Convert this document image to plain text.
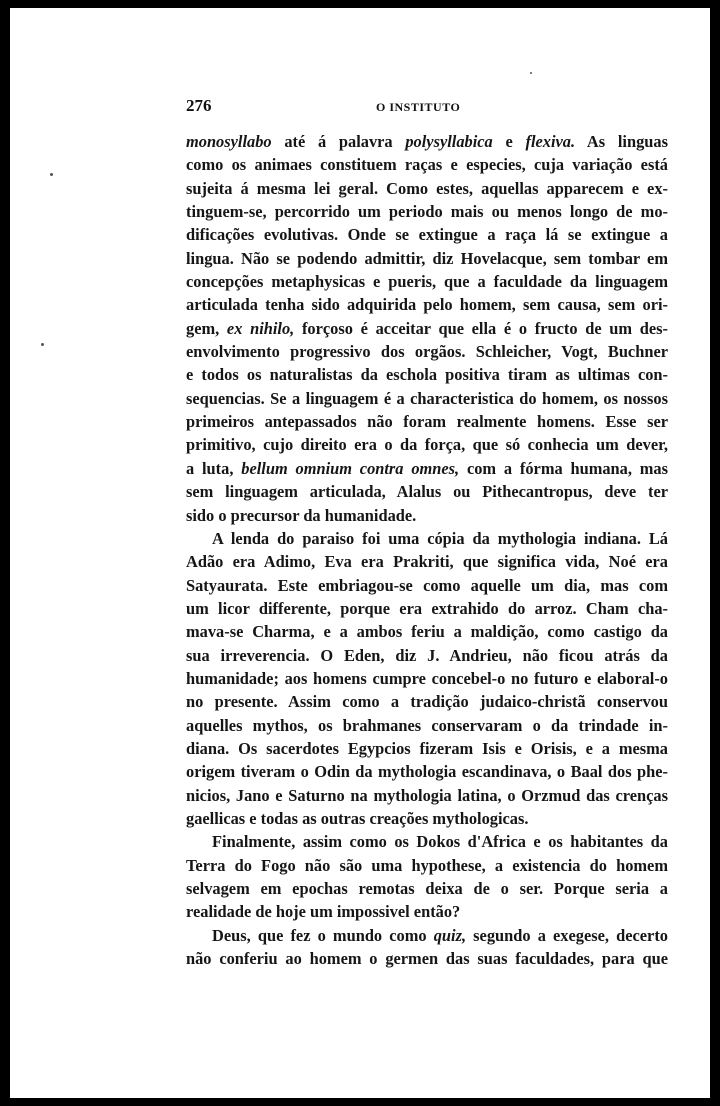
276	O INSTITUTO
monosyllabo até á palavra polysyllabica e flexiva. As linguas
como os animaes constituem raças e especies, cuja variação está
sujeita á mesma lei geral. Como estes, aquellas apparecem e ex-
tinguem-se, percorrido um periodo mais ou menos longo de mo-
dificações evolutivas. Onde se extingue a raça lá se extingue a
lingua. Não se podendo admittir, diz Hovelacque, sem tombar em
concepções metaphysicas e pueris, que a faculdade da linguagem
articulada tenha sido adquirida pelo homem, sem causa, sem ori-
gem, ex nihilo, forçoso é acceitar que ella é o fructo de um des-
envolvimento progressivo dos orgãos. Schleicher, Vogt, Buchner
e todos os naturalistas da eschola positiva tiram as ultimas con-
sequencias. Se a linguagem é a characteristica do homem, os nossos
primeiros antepassados não foram realmente homens. Esse ser
primitivo, cujo direito era o da força, que só conhecia um dever,
a luta, bellum omnium contra omnes, com a fórma humana, mas
sem linguagem articulada, Alalus ou Pithecantropus, deve ter
sido o precursor da humanidade.
A lenda do paraiso foi uma cópia da mythologia indiana. Lá
Adão era Adimo, Eva era Prakriti, que significa vida, Noé era
Satyaurata. Este embriagou-se como aquelle um dia, mas com
um licor differente, porque era extrahido do arroz. Cham cha-
mava-se Charma, e a ambos feriu a maldição, como castigo da
sua irreverencia. O Eden, diz J. Andrieu, não ficou atrás da
humanidade; aos homens cumpre concebel-o no futuro e elaboral-o
no presente. Assim como a tradição judaico-christã conservou
aquelles mythos, os brahmanes conservaram o da trindade in-
diana. Os sacerdotes Egypcios fizeram Isis e Orisis, e a mesma
origem tiveram o Odin da mythologia escandinava, o Baal dos phe-
nicios, Jano e Saturno na mythologia latina, o Orzmud das crenças
gaellicas e todas as outras creações mythologicas.
Finalmente, assim como os Dokos d'Africa e os habitantes da
Terra do Fogo não são uma hypothese, a existencia do homem
selvagem em epochas remotas deixa de o ser. Porque seria a
realidade de hoje um impossivel então?
Deus, que fez o mundo como quiz, segundo a exegese, decerto
não conferiu ao homem o germen das suas faculdades, para que
